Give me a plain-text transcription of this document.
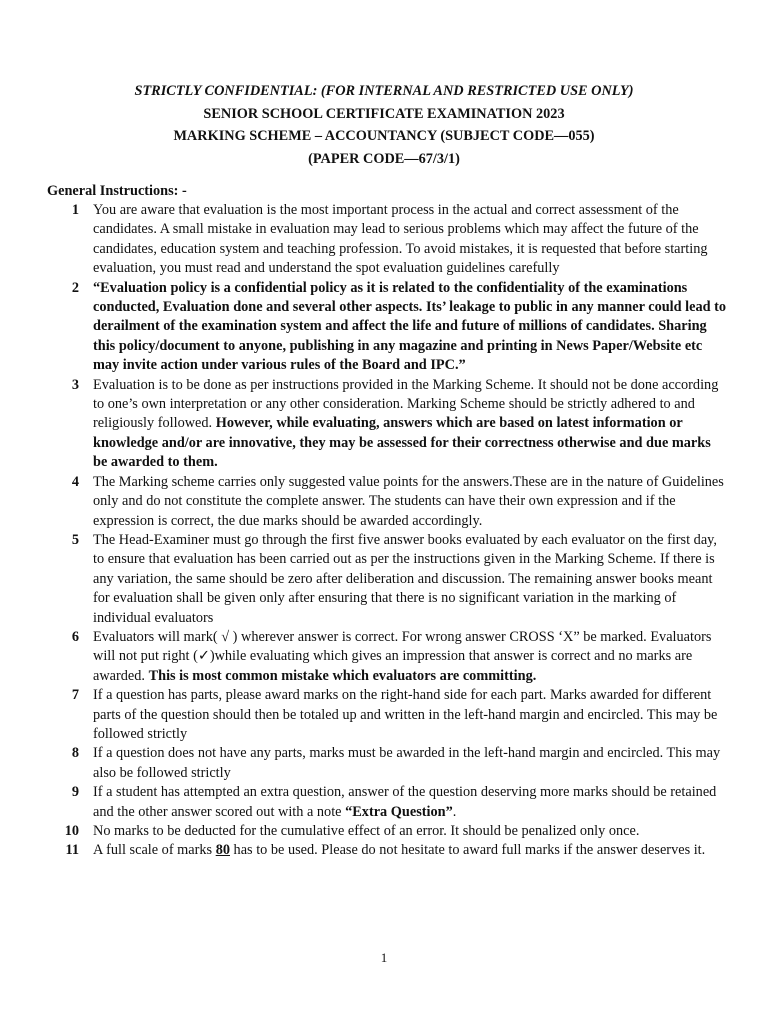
STRICTLY CONFIDENTIAL: (FOR INTERNAL AND RESTRICTED USE ONLY)
SENIOR SCHOOL CERTIFICATE EXAMINATION 2023
MARKING SCHEME – ACCOUNTANCY (SUBJECT CODE—055)
(PAPER CODE—67/3/1)
General Instructions: -
1 You are aware that evaluation is the most important process in the actual and correct assessment of the candidates. A small mistake in evaluation may lead to serious problems which may affect the future of the candidates, education system and teaching profession. To avoid mistakes, it is requested that before starting evaluation, you must read and understand the spot evaluation guidelines carefully
2 “Evaluation policy is a confidential policy as it is related to the confidentiality of the examinations conducted, Evaluation done and several other aspects. Its’ leakage to public in any manner could lead to derailment of the examination system and affect the life and future of millions of candidates. Sharing this policy/document to anyone, publishing in any magazine and printing in News Paper/Website etc may invite action under various rules of the Board and IPC.”
3 Evaluation is to be done as per instructions provided in the Marking Scheme. It should not be done according to one’s own interpretation or any other consideration. Marking Scheme should be strictly adhered to and religiously followed. However, while evaluating, answers which are based on latest information or knowledge and/or are innovative, they may be assessed for their correctness otherwise and due marks be awarded to them.
4 The Marking scheme carries only suggested value points for the answers.These are in the nature of Guidelines only and do not constitute the complete answer. The students can have their own expression and if the expression is correct, the due marks should be awarded accordingly.
5 The Head-Examiner must go through the first five answer books evaluated by each evaluator on the first day, to ensure that evaluation has been carried out as per the instructions given in the Marking Scheme. If there is any variation, the same should be zero after deliberation and discussion. The remaining answer books meant for evaluation shall be given only after ensuring that there is no significant variation in the marking of individual evaluators
6 Evaluators will mark( √ ) wherever answer is correct. For wrong answer CROSS ‘X” be marked. Evaluators will not put right (✓)while evaluating which gives an impression that answer is correct and no marks are awarded. This is most common mistake which evaluators are committing.
7 If a question has parts, please award marks on the right-hand side for each part. Marks awarded for different parts of the question should then be totaled up and written in the left-hand margin and encircled. This may be followed strictly
8 If a question does not have any parts, marks must be awarded in the left-hand margin and encircled. This may also be followed strictly
9 If a student has attempted an extra question, answer of the question deserving more marks should be retained and the other answer scored out with a note “Extra Question”.
10 No marks to be deducted for the cumulative effect of an error. It should be penalized only once.
11 A full scale of marks 80 has to be used. Please do not hesitate to award full marks if the answer deserves it.
1
